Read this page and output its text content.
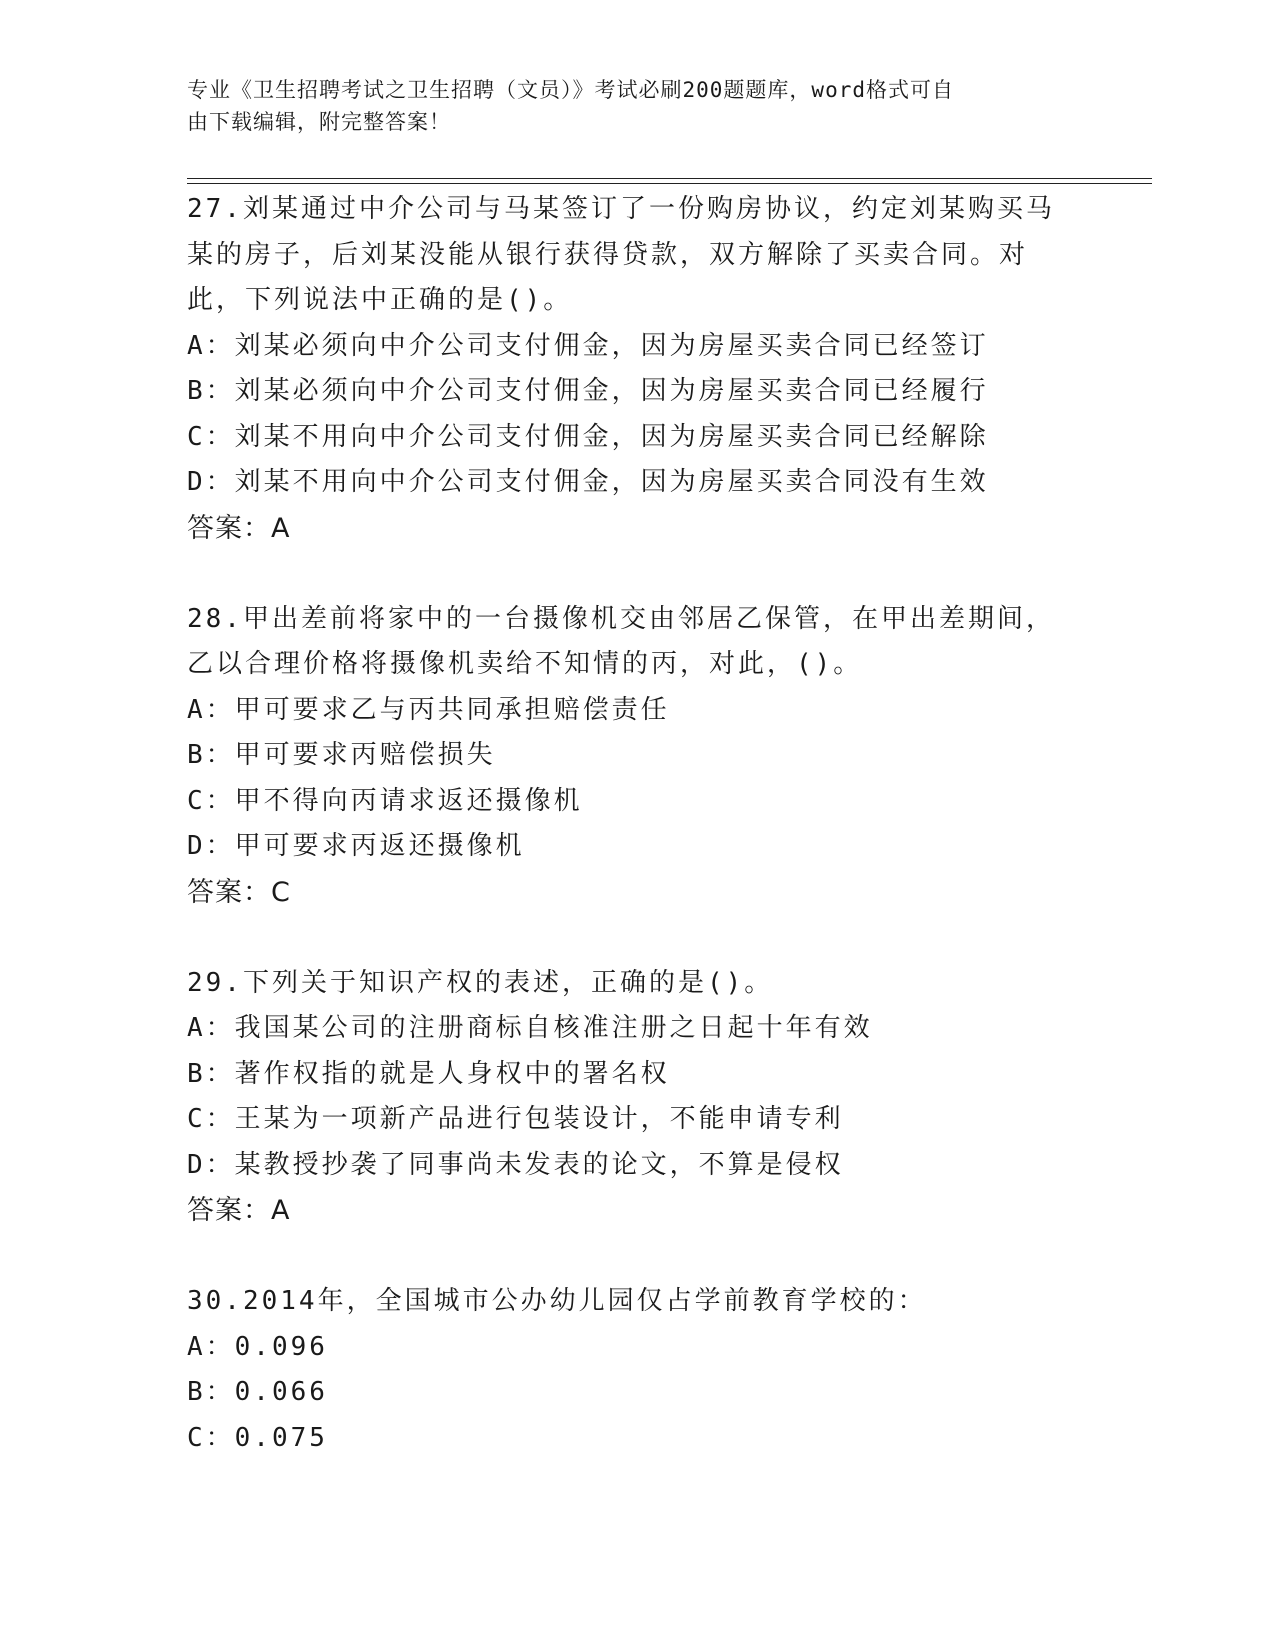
专业《卫生招聘考试之卫生招聘（文员）》考试必刷200题题库，word格式可自
由下载编辑，附完整答案！
27.刘某通过中介公司与马某签订了一份购房协议，约定刘某购买马某的房子，后刘某没能从银行获得贷款，双方解除了买卖合同。对此，下列说法中正确的是()。
A：刘某必须向中介公司支付佣金，因为房屋买卖合同已经签订
B：刘某必须向中介公司支付佣金，因为房屋买卖合同已经履行
C：刘某不用向中介公司支付佣金，因为房屋买卖合同已经解除
D：刘某不用向中介公司支付佣金，因为房屋买卖合同没有生效
答案：A
28.甲出差前将家中的一台摄像机交由邻居乙保管，在甲出差期间，乙以合理价格将摄像机卖给不知情的丙，对此，()。
A：甲可要求乙与丙共同承担赔偿责任
B：甲可要求丙赔偿损失
C：甲不得向丙请求返还摄像机
D：甲可要求丙返还摄像机
答案：C
29.下列关于知识产权的表述，正确的是()。
A：我国某公司的注册商标自核准注册之日起十年有效
B：著作权指的就是人身权中的署名权
C：王某为一项新产品进行包装设计，不能申请专利
D：某教授抄袭了同事尚未发表的论文，不算是侵权
答案：A
30.2014年，全国城市公办幼儿园仅占学前教育学校的：
A：0.096
B：0.066
C：0.075
